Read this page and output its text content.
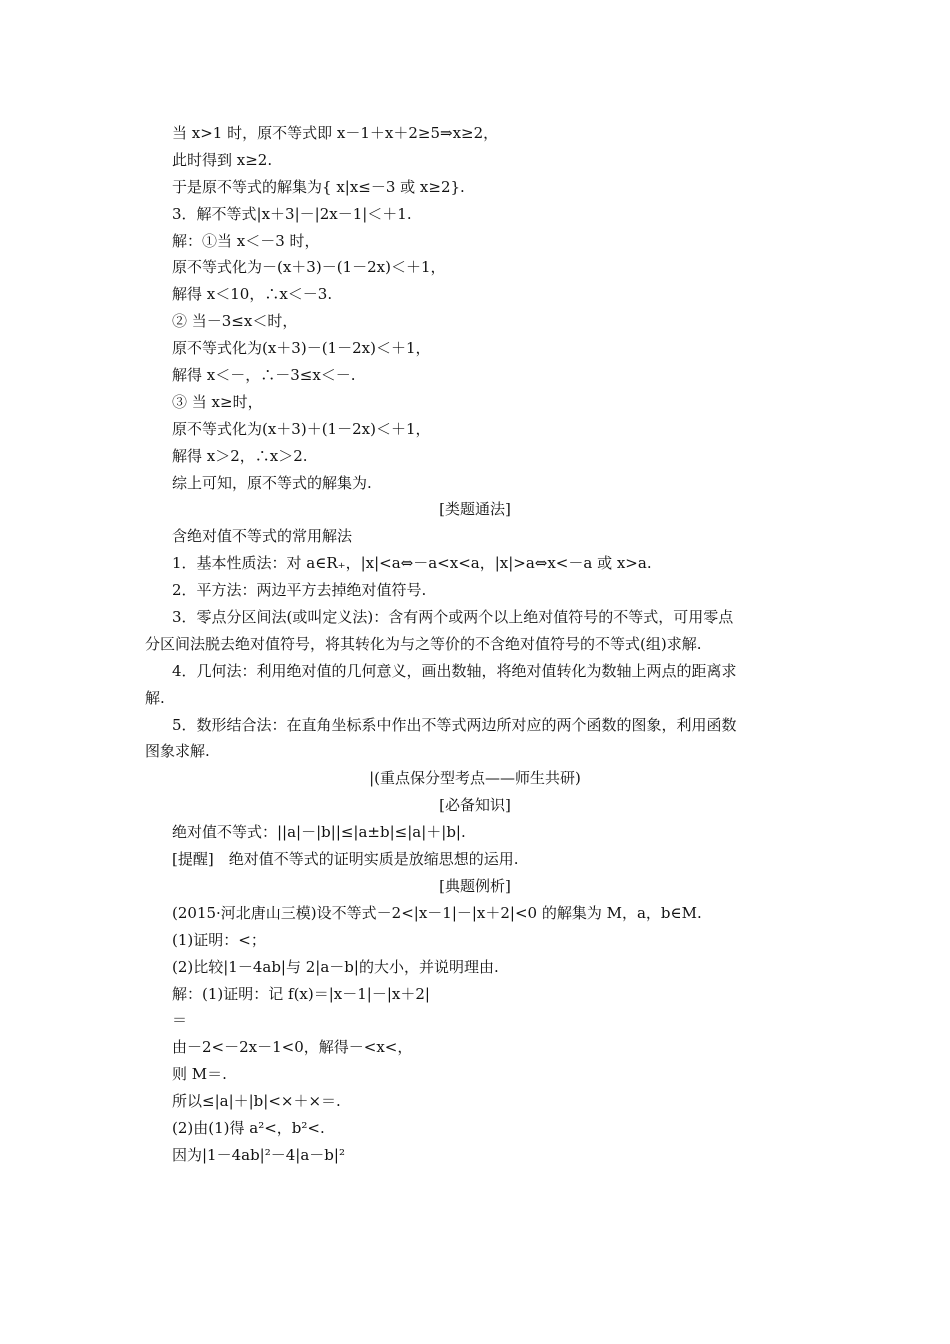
当 x>1 时，原不等式即 x－1＋x＋2≥5⇒x≥2，
此时得到 x≥2.
于是原不等式的解集为{ x|x≤－3 或 x≥2}.
3．解不等式|x＋3|－|2x－1|＜＋1.
解：①当 x＜－3 时，
原不等式化为－(x＋3)－(1－2x)＜＋1，
解得 x＜10，∴x＜－3.
② 当－3≤x＜时，
原不等式化为(x＋3)－(1－2x)＜＋1，
解得 x＜－，∴－3≤x＜－.
③ 当 x≥时，
原不等式化为(x＋3)＋(1－2x)＜＋1，
解得 x＞2，∴x＞2.
综上可知，原不等式的解集为.
[类题通法]
含绝对值不等式的常用解法
1．基本性质法：对 a∈R₊，|x|<a⇔－a<x<a，|x|>a⇔x<－a 或 x>a.
2．平方法：两边平方去掉绝对值符号.
3．零点分区间法(或叫定义法)：含有两个或两个以上绝对值符号的不等式，可用零点
分区间法脱去绝对值符号，将其转化为与之等价的不含绝对值符号的不等式(组)求解.
4．几何法：利用绝对值的几何意义，画出数轴，将绝对值转化为数轴上两点的距离求
解.
5．数形结合法：在直角坐标系中作出不等式两边所对应的两个函数的图象，利用函数
图象求解.
|(重点保分型考点——师生共研)
[必备知识]
绝对值不等式：||a|－|b||≤|a±b|≤|a|＋|b|.
[提醒]　绝对值不等式的证明实质是放缩思想的运用.
[典题例析]
(2015·河北唐山三模)设不等式－2<|x－1|－|x＋2|<0 的解集为 M，a，b∈M.
(1)证明：<；
(2)比较|1－4ab|与 2|a－b|的大小，并说明理由.
解：(1)证明：记 f(x)＝|x－1|－|x＋2|
＝
由－2<－2x－1<0，解得－<x<，
则 M＝.
所以≤|a|＋|b|<×＋×＝.
(2)由(1)得 a²<，b²<.
因为|1－4ab|²－4|a－b|²
